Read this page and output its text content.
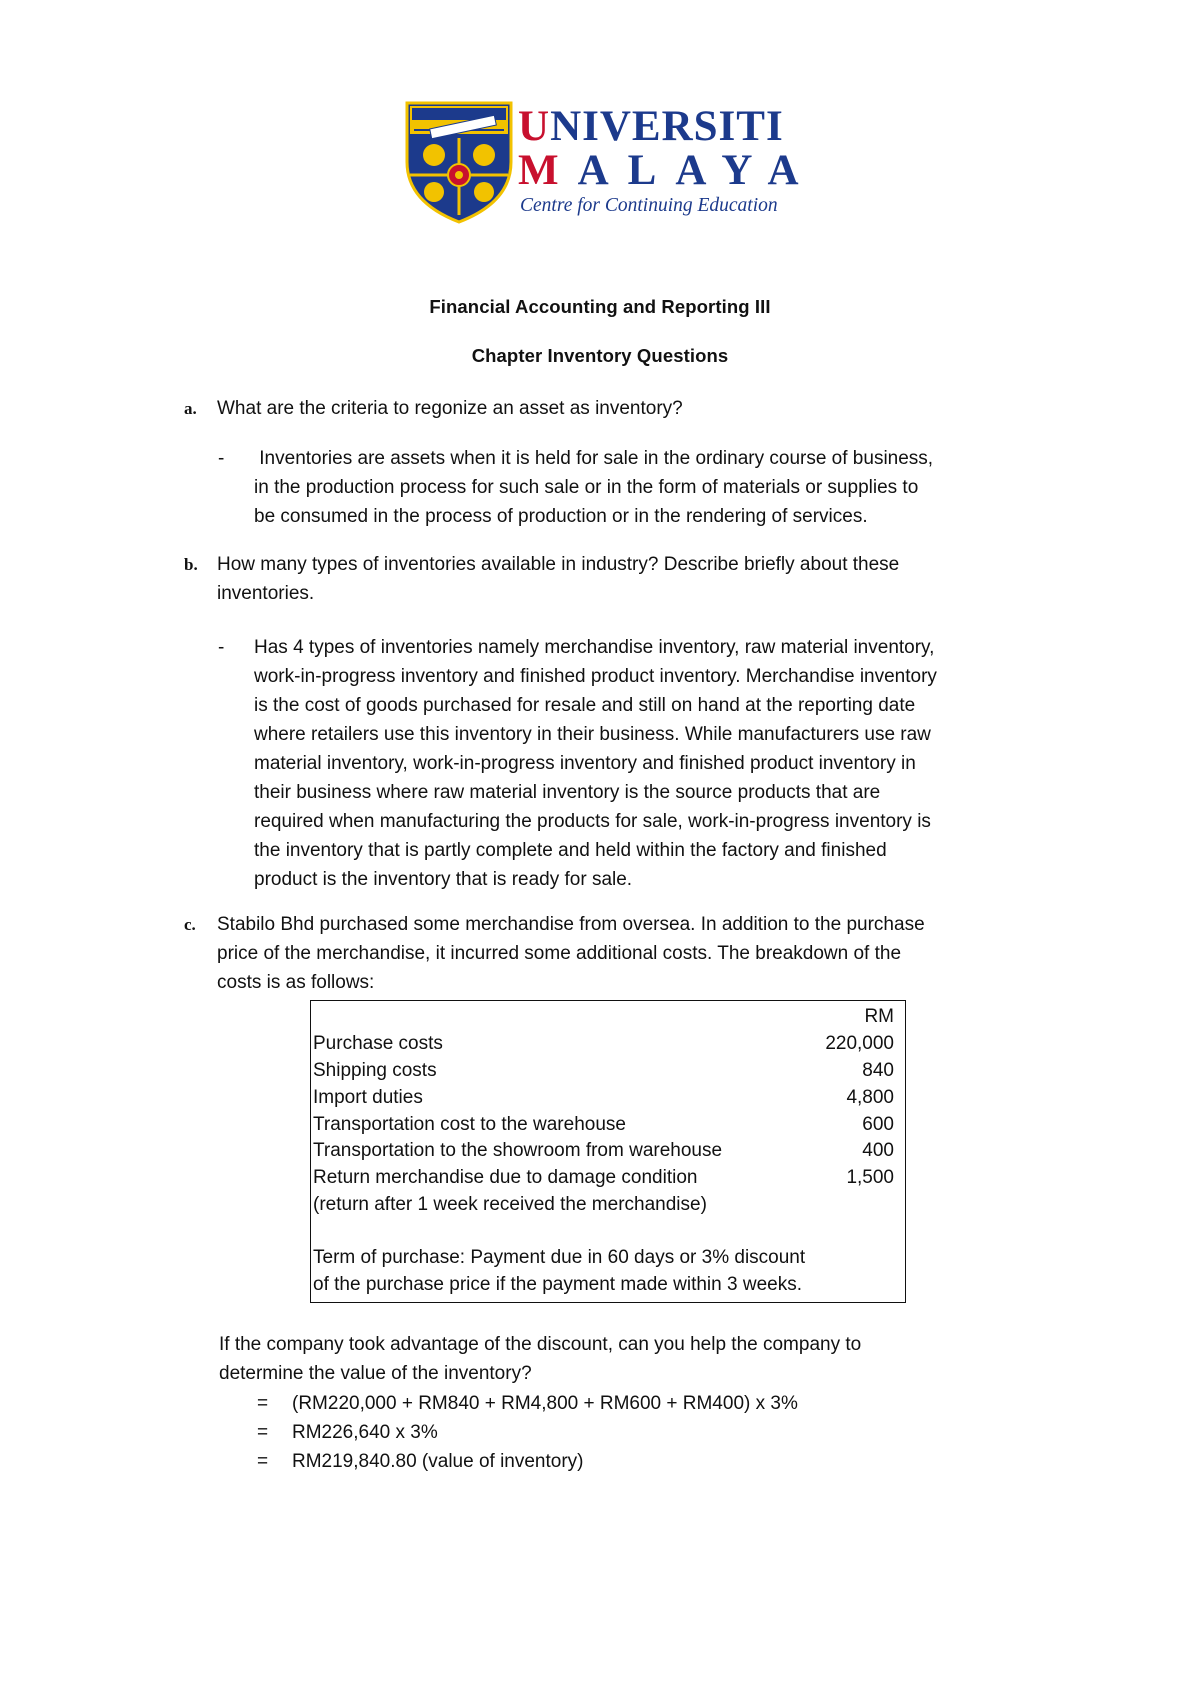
UNIVERSITI
MALAYA
Centre for Continuing Education
Financial Accounting and Reporting III
Chapter Inventory Questions
a. What are the criteria to regonize an asset as inventory?
- Inventories are assets when it is held for sale in the ordinary course of business,
in the production process for such sale or in the form of materials or supplies to
be consumed in the process of production or in the rendering of services.
b. How many types of inventories available in industry? Describe briefly about these
inventories.
- Has 4 types of inventories namely merchandise inventory, raw material inventory,
work-in-progress inventory and finished product inventory. Merchandise inventory
is the cost of goods purchased for resale and still on hand at the reporting date
where retailers use this inventory in their business. While manufacturers use raw
material inventory, work-in-progress inventory and finished product inventory in
their business where raw material inventory is the source products that are
required when manufacturing the products for sale, work-in-progress inventory is
the inventory that is partly complete and held within the factory and finished
product is the inventory that is ready for sale.
c. Stabilo Bhd purchased some merchandise from oversea. In addition to the purchase
price of the merchandise, it incurred some additional costs. The breakdown of the
costs is as follows:
RM
Purchase costs	220,000
Shipping costs	840
Import duties	4,800
Transportation cost to the warehouse	600
Transportation to the showroom from warehouse	400
Return merchandise due to damage condition	1,500
(return after 1 week received the merchandise)
Term of purchase: Payment due in 60 days or 3% discount
of the purchase price if the payment made within 3 weeks.
If the company took advantage of the discount, can you help the company to
determine the value of the inventory?
= (RM220,000 + RM840 + RM4,800 + RM600 + RM400) x 3%
= RM226,640 x 3%
= RM219,840.80 (value of inventory)
